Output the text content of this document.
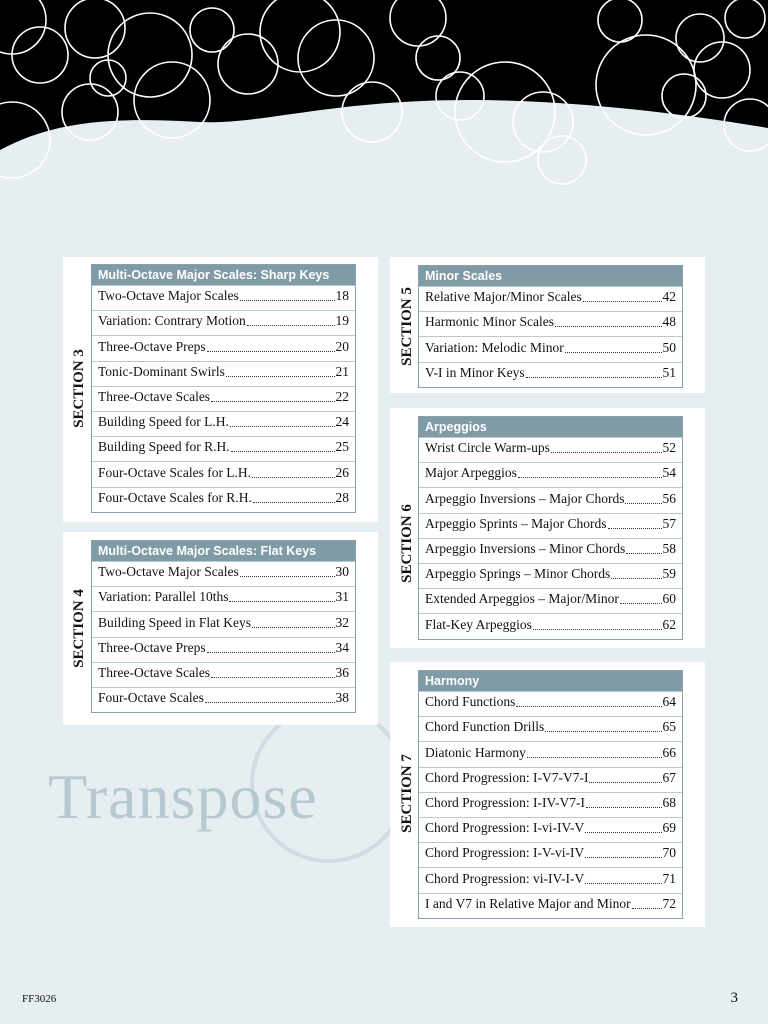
Transpose
SECTION 3
Multi-Octave Major Scales: Sharp Keys
Two-Octave Major Scales	18
Variation: Contrary Motion	19
Three-Octave Preps	20
Tonic-Dominant Swirls	21
Three-Octave Scales	22
Building Speed for L.H.	24
Building Speed for R.H.	25
Four-Octave Scales for L.H.	26
Four-Octave Scales for R.H.	28
SECTION 4
Multi-Octave Major Scales: Flat Keys
Two-Octave Major Scales	30
Variation: Parallel 10ths	31
Building Speed in Flat Keys	32
Three-Octave Preps	34
Three-Octave Scales	36
Four-Octave Scales	38
SECTION 5
Minor Scales
Relative Major/Minor Scales	42
Harmonic Minor Scales	48
Variation: Melodic Minor	50
V-I in Minor Keys	51
SECTION 6
Arpeggios
Wrist Circle Warm-ups	52
Major Arpeggios	54
Arpeggio Inversions – Major Chords	56
Arpeggio Sprints – Major Chords	57
Arpeggio Inversions – Minor Chords	58
Arpeggio Springs – Minor Chords	59
Extended Arpeggios – Major/Minor	60
Flat-Key Arpeggios	62
SECTION 7
Harmony
Chord Functions	64
Chord Function Drills	65
Diatonic Harmony	66
Chord Progression: I-V7-V7-I	67
Chord Progression: I-IV-V7-I	68
Chord Progression: I-vi-IV-V	69
Chord Progression: I-V-vi-IV	70
Chord Progression: vi-IV-I-V	71
I and V7 in Relative Major and Minor 72
FF3026	3
